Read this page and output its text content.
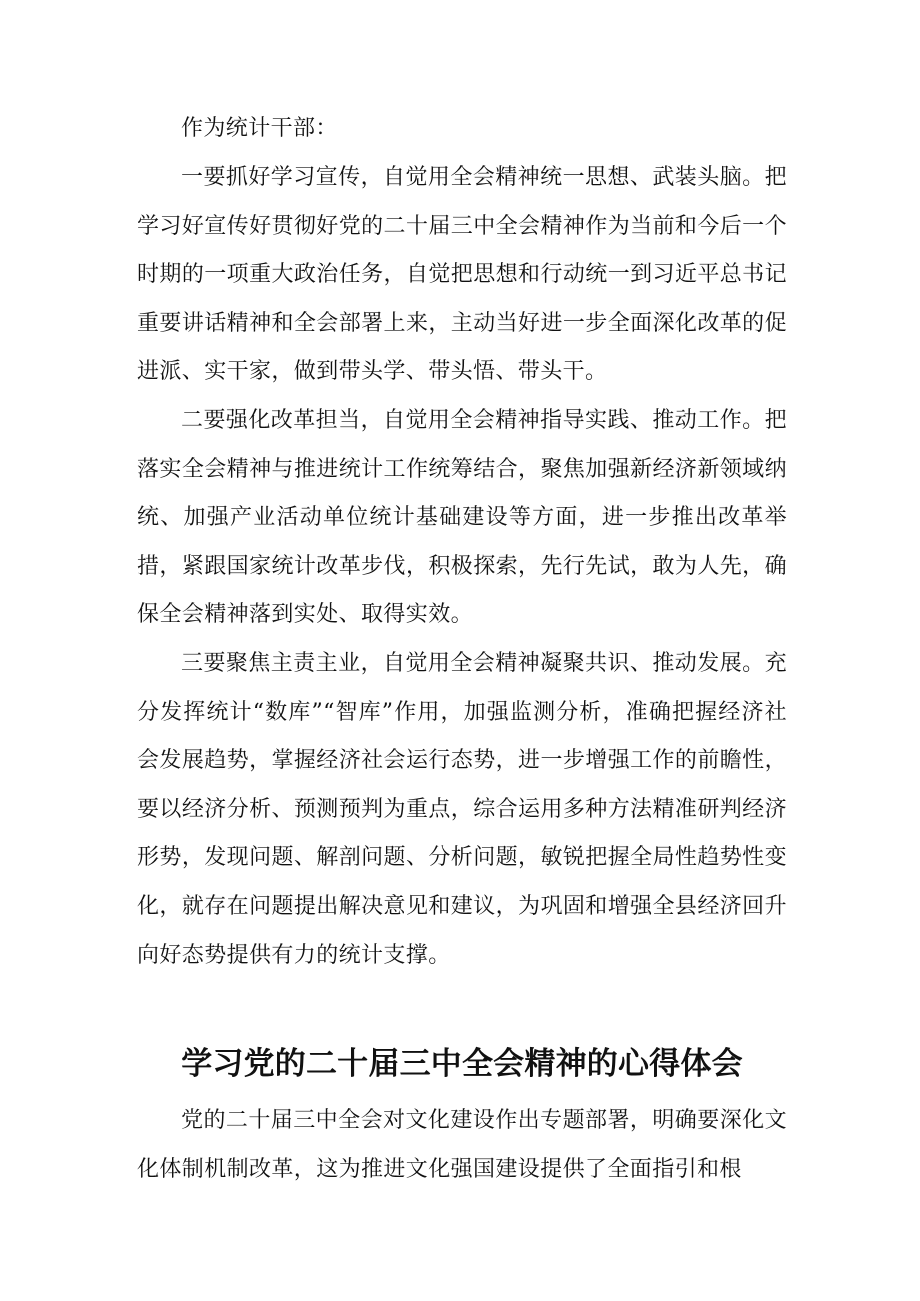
作为统计干部：

一要抓好学习宣传，自觉用全会精神统一思想、武装头脑。把学习好宣传好贯彻好党的二十届三中全会精神作为当前和今后一个时期的一项重大政治任务，自觉把思想和行动统一到习近平总书记重要讲话精神和全会部署上来，主动当好进一步全面深化改革的促进派、实干家，做到带头学、带头悟、带头干。

二要强化改革担当，自觉用全会精神指导实践、推动工作。把落实全会精神与推进统计工作统筹结合，聚焦加强新经济新领域纳统、加强产业活动单位统计基础建设等方面，进一步推出改革举措，紧跟国家统计改革步伐，积极探索，先行先试，敢为人先，确保全会精神落到实处、取得实效。

三要聚焦主责主业，自觉用全会精神凝聚共识、推动发展。充分发挥统计“数库”“智库”作用，加强监测分析，准确把握经济社会发展趋势，掌握经济社会运行态势，进一步增强工作的前瞻性，要以经济分析、预测预判为重点，综合运用多种方法精准研判经济形势，发现问题、解剖问题、分析问题，敏锐把握全局性趋势性变化，就存在问题提出解决意见和建议，为巩固和增强全县经济回升向好态势提供有力的统计支撑。

学习党的二十届三中全会精神的心得体会

党的二十届三中全会对文化建设作出专题部署，明确要深化文化体制机制改革，这为推进文化强国建设提供了全面指引和根
